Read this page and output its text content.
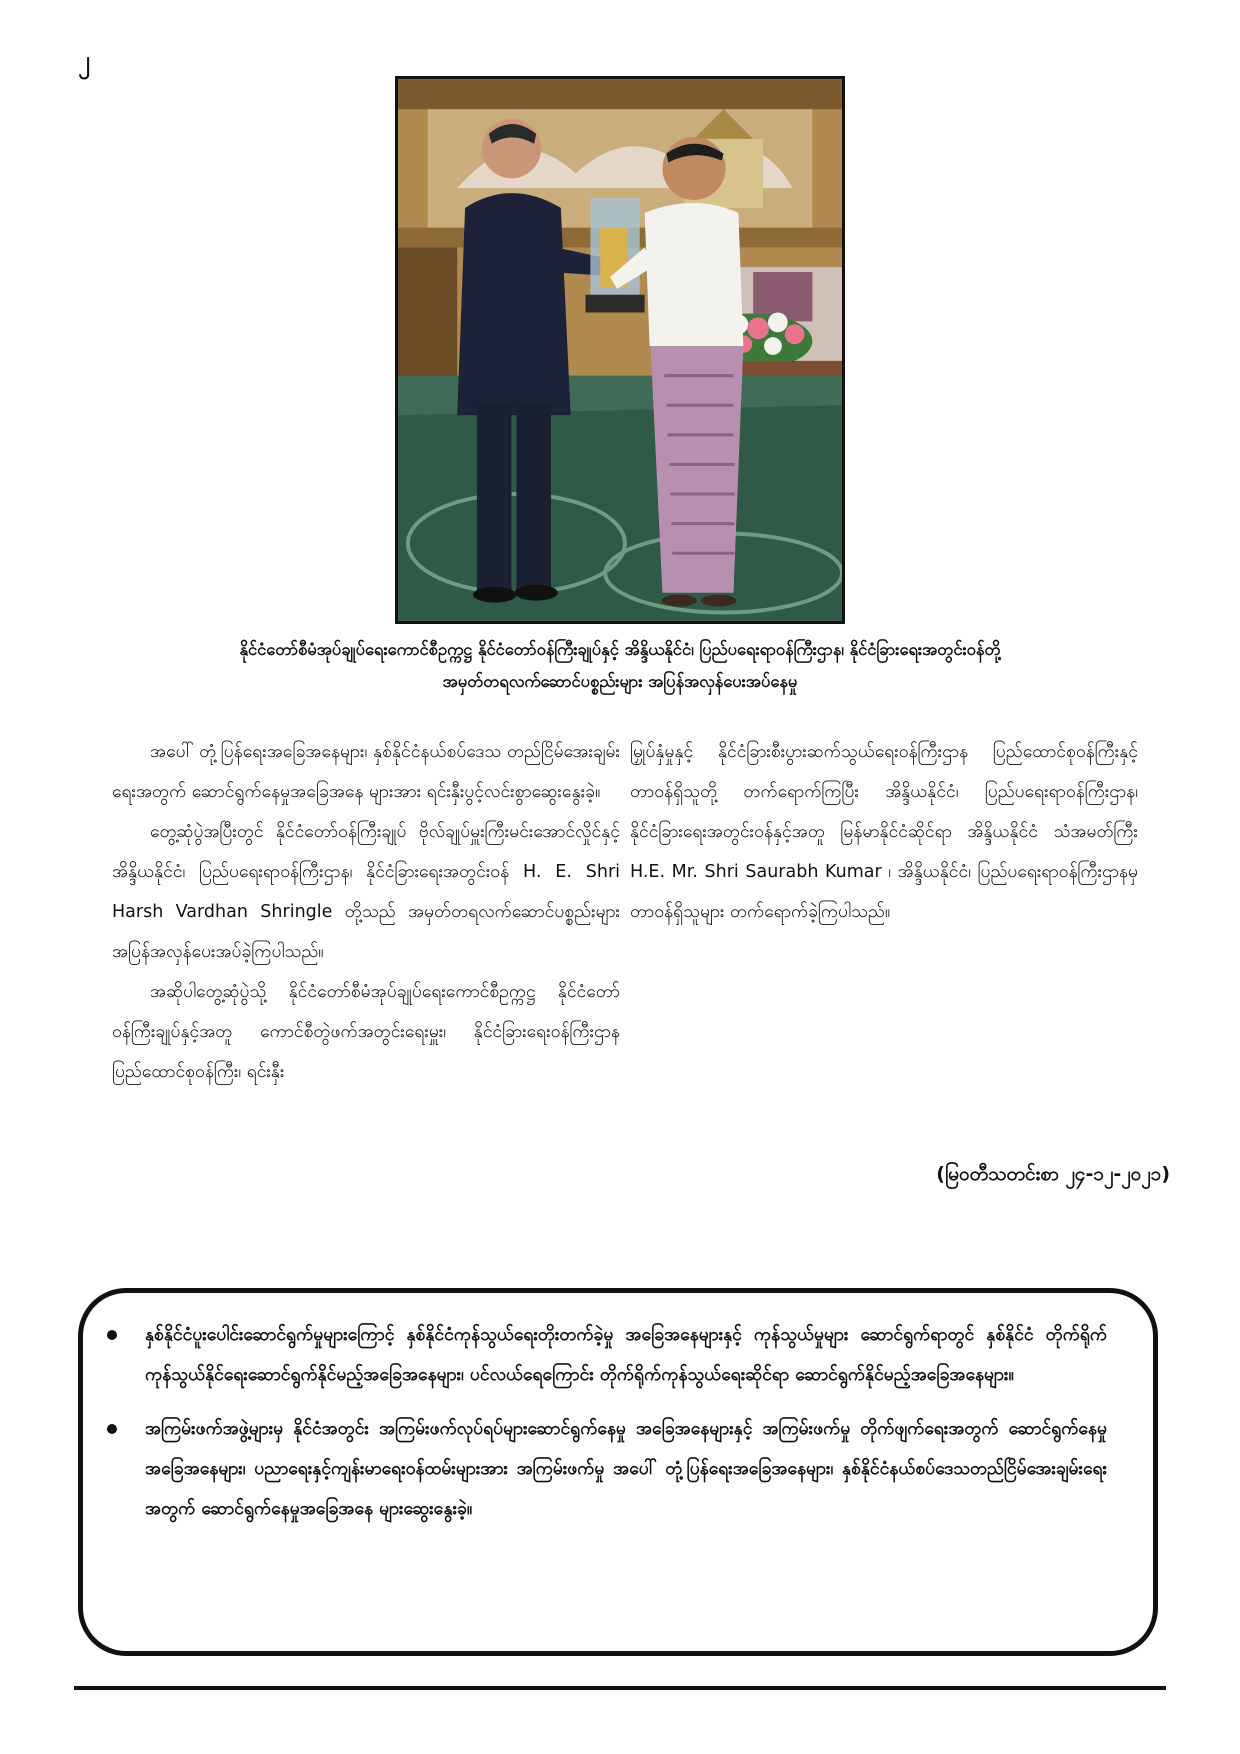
၂
နိုင်ငံတော်စီမံအုပ်ချုပ်ရေးကောင်စီဥက္ကဋ္ဌ နိုင်ငံတော်ဝန်ကြီးချုပ်နှင့် အိန္ဒိယနိုင်ငံ၊ ပြည်ပရေးရာဝန်ကြီးဌာန၊ နိုင်ငံခြားရေးအတွင်းဝန်တို့
အမှတ်တရလက်ဆောင်ပစ္စည်းများ အပြန်အလှန်ပေးအပ်နေမှု

အပေါ် တုံ့ပြန်ရေးအခြေအနေများ၊ နှစ်နိုင်ငံနယ်စပ်ဒေသ တည်ငြိမ်အေးချမ်းရေးအတွက် ဆောင်ရွက်နေမှုအခြေအနေ များအား ရင်းနှီးပွင့်လင်းစွာဆွေးနွေးခဲ့။

တွေ့ဆုံပွဲအပြီးတွင် နိုင်ငံတော်ဝန်ကြီးချုပ် ဗိုလ်ချုပ်မှူးကြီးမင်းအောင်လှိုင်နှင့် အိန္ဒိယနိုင်ငံ၊ ပြည်ပရေးရာဝန်ကြီးဌာန၊ နိုင်ငံခြားရေးအတွင်းဝန် H. E. Shri Harsh Vardhan Shringle တို့သည် အမှတ်တရလက်ဆောင်ပစ္စည်းများ အပြန်အလှန်ပေးအပ်ခဲ့ကြပါသည်။

အဆိုပါတွေ့ဆုံပွဲသို့ နိုင်ငံတော်စီမံအုပ်ချုပ်ရေးကောင်စီဥက္ကဋ္ဌ နိုင်ငံတော်ဝန်ကြီးချုပ်နှင့်အတူ ကောင်စီတွဲဖက်အတွင်းရေးမှူး၊ နိုင်ငံခြားရေးဝန်ကြီးဌာန ပြည်ထောင်စုဝန်ကြီး၊ ရင်းနှီး

မြှုပ်နှံမှုနှင့် နိုင်ငံခြားစီးပွားဆက်သွယ်ရေးဝန်ကြီးဌာန ပြည်ထောင်စုဝန်ကြီးနှင့် တာဝန်ရှိသူတို့ တက်ရောက်ကြပြီး အိန္ဒိယနိုင်ငံ၊ ပြည်ပရေးရာဝန်ကြီးဌာန၊ နိုင်ငံခြားရေးအတွင်းဝန်နှင့်အတူ မြန်မာနိုင်ငံဆိုင်ရာ အိန္ဒိယနိုင်ငံ သံအမတ်ကြီး H.E. Mr. Shri Saurabh Kumar ၊ အိန္ဒိယနိုင်ငံ၊ ပြည်ပရေးရာဝန်ကြီးဌာနမှ တာဝန်ရှိသူများ တက်ရောက်ခဲ့ကြပါသည်။

(မြဝတီသတင်းစာ ၂၄-၁၂-၂၀၂၁)
နှစ်နိုင်ငံပူးပေါင်းဆောင်ရွက်မှုများကြောင့် နှစ်နိုင်ငံကုန်သွယ်ရေးတိုးတက်ခဲ့မှု အခြေအနေများနှင့် ကုန်သွယ်မှုများ ဆောင်ရွက်ရာတွင် နှစ်နိုင်ငံ တိုက်ရိုက်ကုန်သွယ်နိုင်ရေးဆောင်ရွက်နိုင်မည့်အခြေအနေများ၊ ပင်လယ်ရေကြောင်း တိုက်ရိုက်ကုန်သွယ်ရေးဆိုင်ရာ ဆောင်ရွက်နိုင်မည့်အခြေအနေများ။
အကြမ်းဖက်အဖွဲ့များမှ နိုင်ငံအတွင်း အကြမ်းဖက်လုပ်ရပ်များဆောင်ရွက်နေမှု အခြေအနေများနှင့် အကြမ်းဖက်မှု တိုက်ဖျက်ရေးအတွက် ဆောင်ရွက်နေမှုအခြေအနေများ၊ ပညာရေးနှင့်ကျန်းမာရေးဝန်ထမ်းများအား အကြမ်းဖက်မှု အပေါ် တုံ့ပြန်ရေးအခြေအနေများ၊ နှစ်နိုင်ငံနယ်စပ်ဒေသတည်ငြိမ်အေးချမ်းရေးအတွက် ဆောင်ရွက်နေမှုအခြေအနေ များဆွေးနွေးခဲ့။
